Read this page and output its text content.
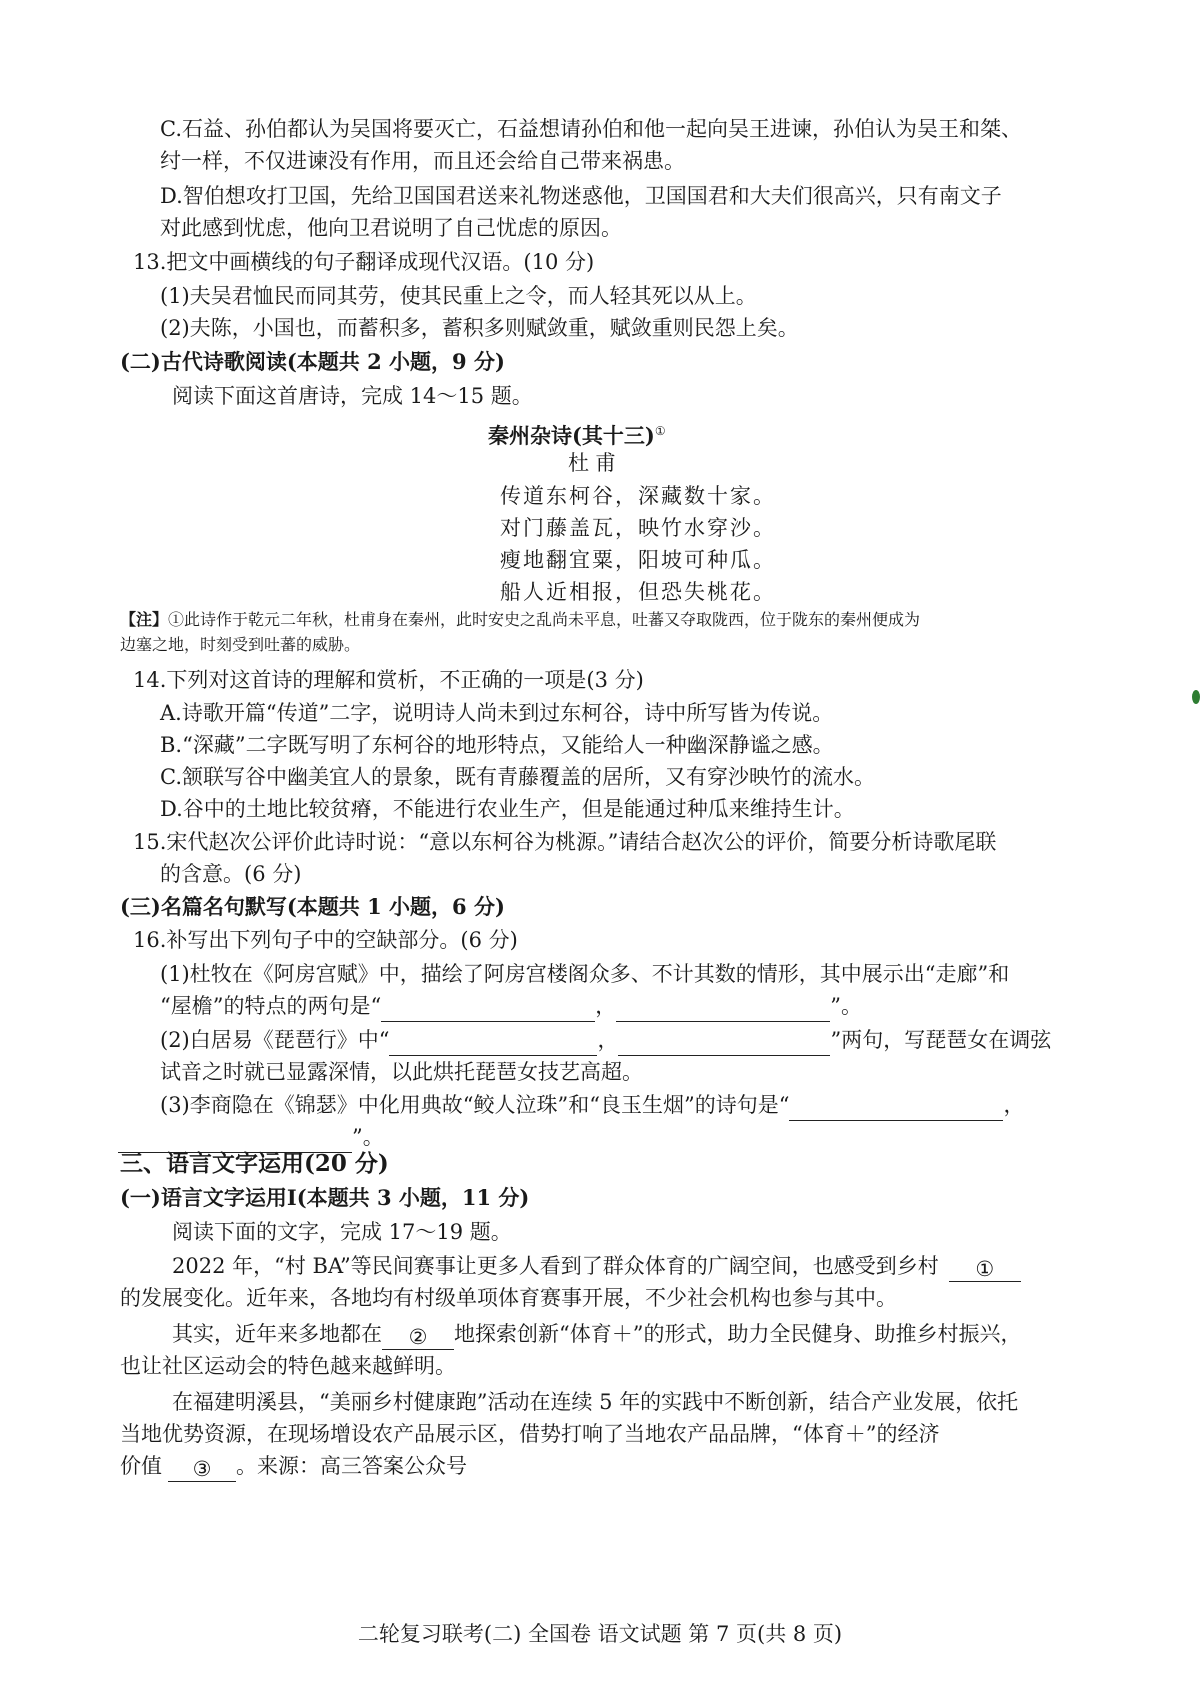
C.石益、孙伯都认为吴国将要灭亡，石益想请孙伯和他一起向吴王进谏，孙伯认为吴王和桀、
纣一样，不仅进谏没有作用，而且还会给自己带来祸患。
D.智伯想攻打卫国，先给卫国国君送来礼物迷惑他，卫国国君和大夫们很高兴，只有南文子
对此感到忧虑，他向卫君说明了自己忧虑的原因。
13.把文中画横线的句子翻译成现代汉语。(10 分)
(1)夫吴君恤民而同其劳，使其民重上之令，而人轻其死以从上。
(2)夫陈，小国也，而蓄积多，蓄积多则赋敛重，赋敛重则民怨上矣。
(二)古代诗歌阅读(本题共 2 小题，9 分)
阅读下面这首唐诗，完成 14～15 题。
秦州杂诗(其十三)①
杜甫
传道东柯谷，深藏数十家。
对门藤盖瓦，映竹水穿沙。
瘦地翻宜粟，阳坡可种瓜。
船人近相报，但恐失桃花。
【注】①此诗作于乾元二年秋，杜甫身在秦州，此时安史之乱尚未平息，吐蕃又夺取陇西，位于陇东的秦州便成为
边塞之地，时刻受到吐蕃的威胁。
14.下列对这首诗的理解和赏析，不正确的一项是(3 分)
A.诗歌开篇“传道”二字，说明诗人尚未到过东柯谷，诗中所写皆为传说。
B.“深藏”二字既写明了东柯谷的地形特点，又能给人一种幽深静谧之感。
C.颔联写谷中幽美宜人的景象，既有青藤覆盖的居所，又有穿沙映竹的流水。
D.谷中的土地比较贫瘠，不能进行农业生产，但是能通过种瓜来维持生计。
15.宋代赵次公评价此诗时说：“意以东柯谷为桃源。”请结合赵次公的评价，简要分析诗歌尾联
的含意。(6 分)
(三)名篇名句默写(本题共 1 小题，6 分)
16.补写出下列句子中的空缺部分。(6 分)
(1)杜牧在《阿房宫赋》中，描绘了阿房宫楼阁众多、不计其数的情形，其中展示出“走廊”和
“屋檐”的特点的两句是“	，	”。
(2)白居易《琵琶行》中“	，	”两句，写琵琶女在调弦
试音之时就已显露深情，以此烘托琵琶女技艺高超。
(3)李商隐在《锦瑟》中化用典故“鲛人泣珠”和“良玉生烟”的诗句是“	，
”。
三、语言文字运用(20 分)
(一)语言文字运用Ⅰ(本题共 3 小题，11 分)
阅读下面的文字，完成 17～19 题。
2022 年，“村 BA”等民间赛事让更多人看到了群众体育的广阔空间，也感受到乡村 ①
的发展变化。近年来，各地均有村级单项体育赛事开展，不少社会机构也参与其中。
其实，近年来多地都在 ② 地探索创新“体育＋”的形式，助力全民健身、助推乡村振兴，
也让社区运动会的特色越来越鲜明。
在福建明溪县，“美丽乡村健康跑”活动在连续 5 年的实践中不断创新，结合产业发展，依托
当地优势资源，在现场增设农产品展示区，借势打响了当地农产品品牌，“体育＋”的经济
价值 ③ 。来源：高三答案公众号
二轮复习联考(二) 全国卷 语文试题 第 7 页(共 8 页)
